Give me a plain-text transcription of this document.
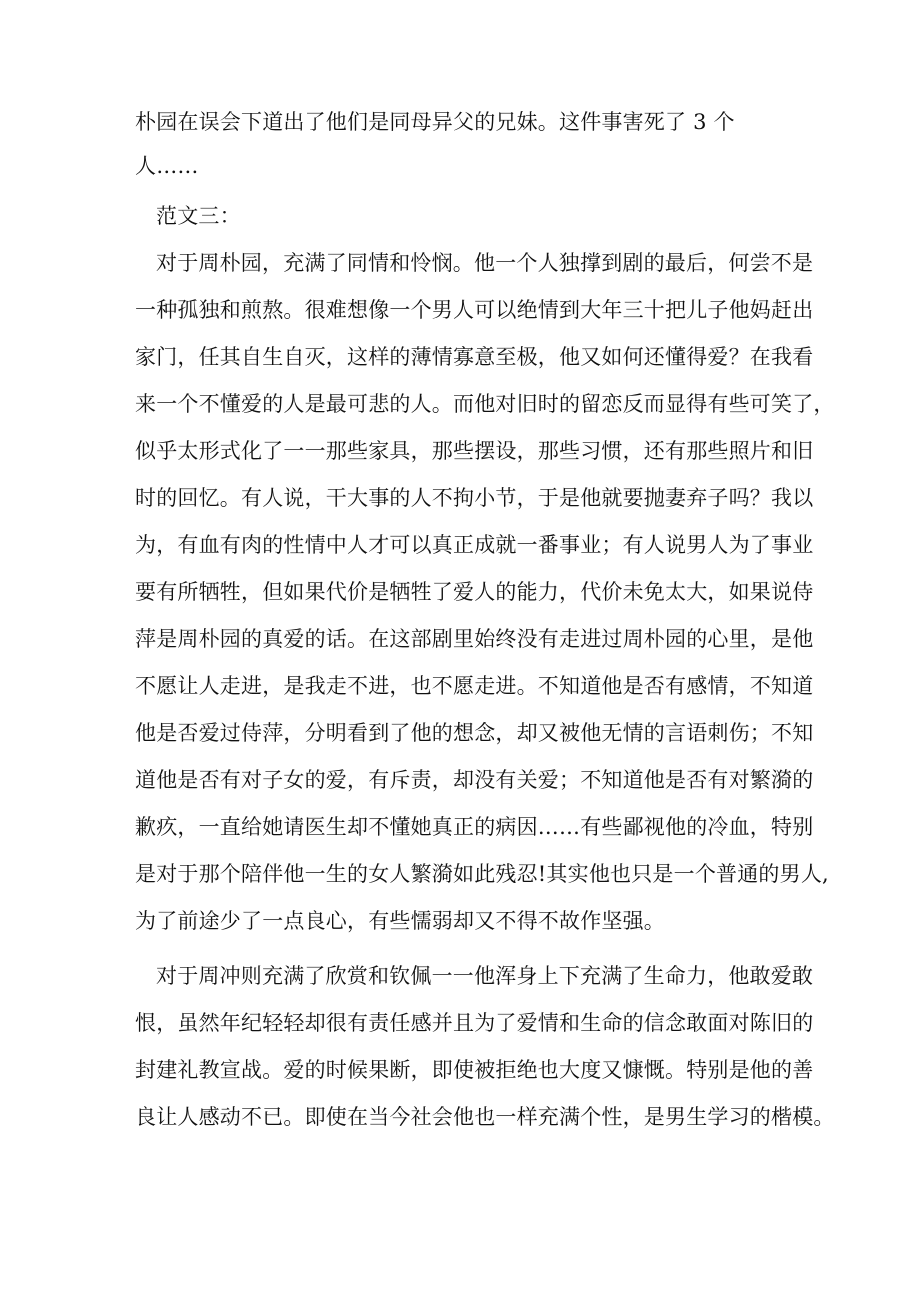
朴园在误会下道出了他们是同母异父的兄妹。这件事害死了 3 个

人……

范文三：

对于周朴园，充满了同情和怜悯。他一个人独撑到剧的最后，何尝不是

一种孤独和煎熬。很难想像一个男人可以绝情到大年三十把儿子他妈赶出

家门，任其自生自灭，这样的薄情寡意至极，他又如何还懂得爱？在我看

来一个不懂爱的人是最可悲的人。而他对旧时的留恋反而显得有些可笑了，

似乎太形式化了一一那些家具，那些摆设，那些习惯，还有那些照片和旧

时的回忆。有人说，干大事的人不拘小节，于是他就要抛妻弃子吗？我以

为，有血有肉的性情中人才可以真正成就一番事业；有人说男人为了事业

要有所牺牲，但如果代价是牺牲了爱人的能力，代价未免太大，如果说侍

萍是周朴园的真爱的话。在这部剧里始终没有走进过周朴园的心里，是他

不愿让人走进，是我走不进，也不愿走进。不知道他是否有感情，不知道

他是否爱过侍萍，分明看到了他的想念，却又被他无情的言语刺伤；不知

道他是否有对子女的爱，有斥责，却没有关爱；不知道他是否有对繁漪的

歉疚，一直给她请医生却不懂她真正的病因……有些鄙视他的冷血，特别

是对于那个陪伴他一生的女人繁漪如此残忍!其实他也只是一个普通的男人,

为了前途少了一点良心，有些懦弱却又不得不故作坚强。

对于周冲则充满了欣赏和钦佩一一他浑身上下充满了生命力，他敢爱敢

恨，虽然年纪轻轻却很有责任感并且为了爱情和生命的信念敢面对陈旧的

封建礼教宣战。爱的时候果断，即使被拒绝也大度又慷慨。特别是他的善

良让人感动不已。即使在当今社会他也一样充满个性，是男生学习的楷模。
